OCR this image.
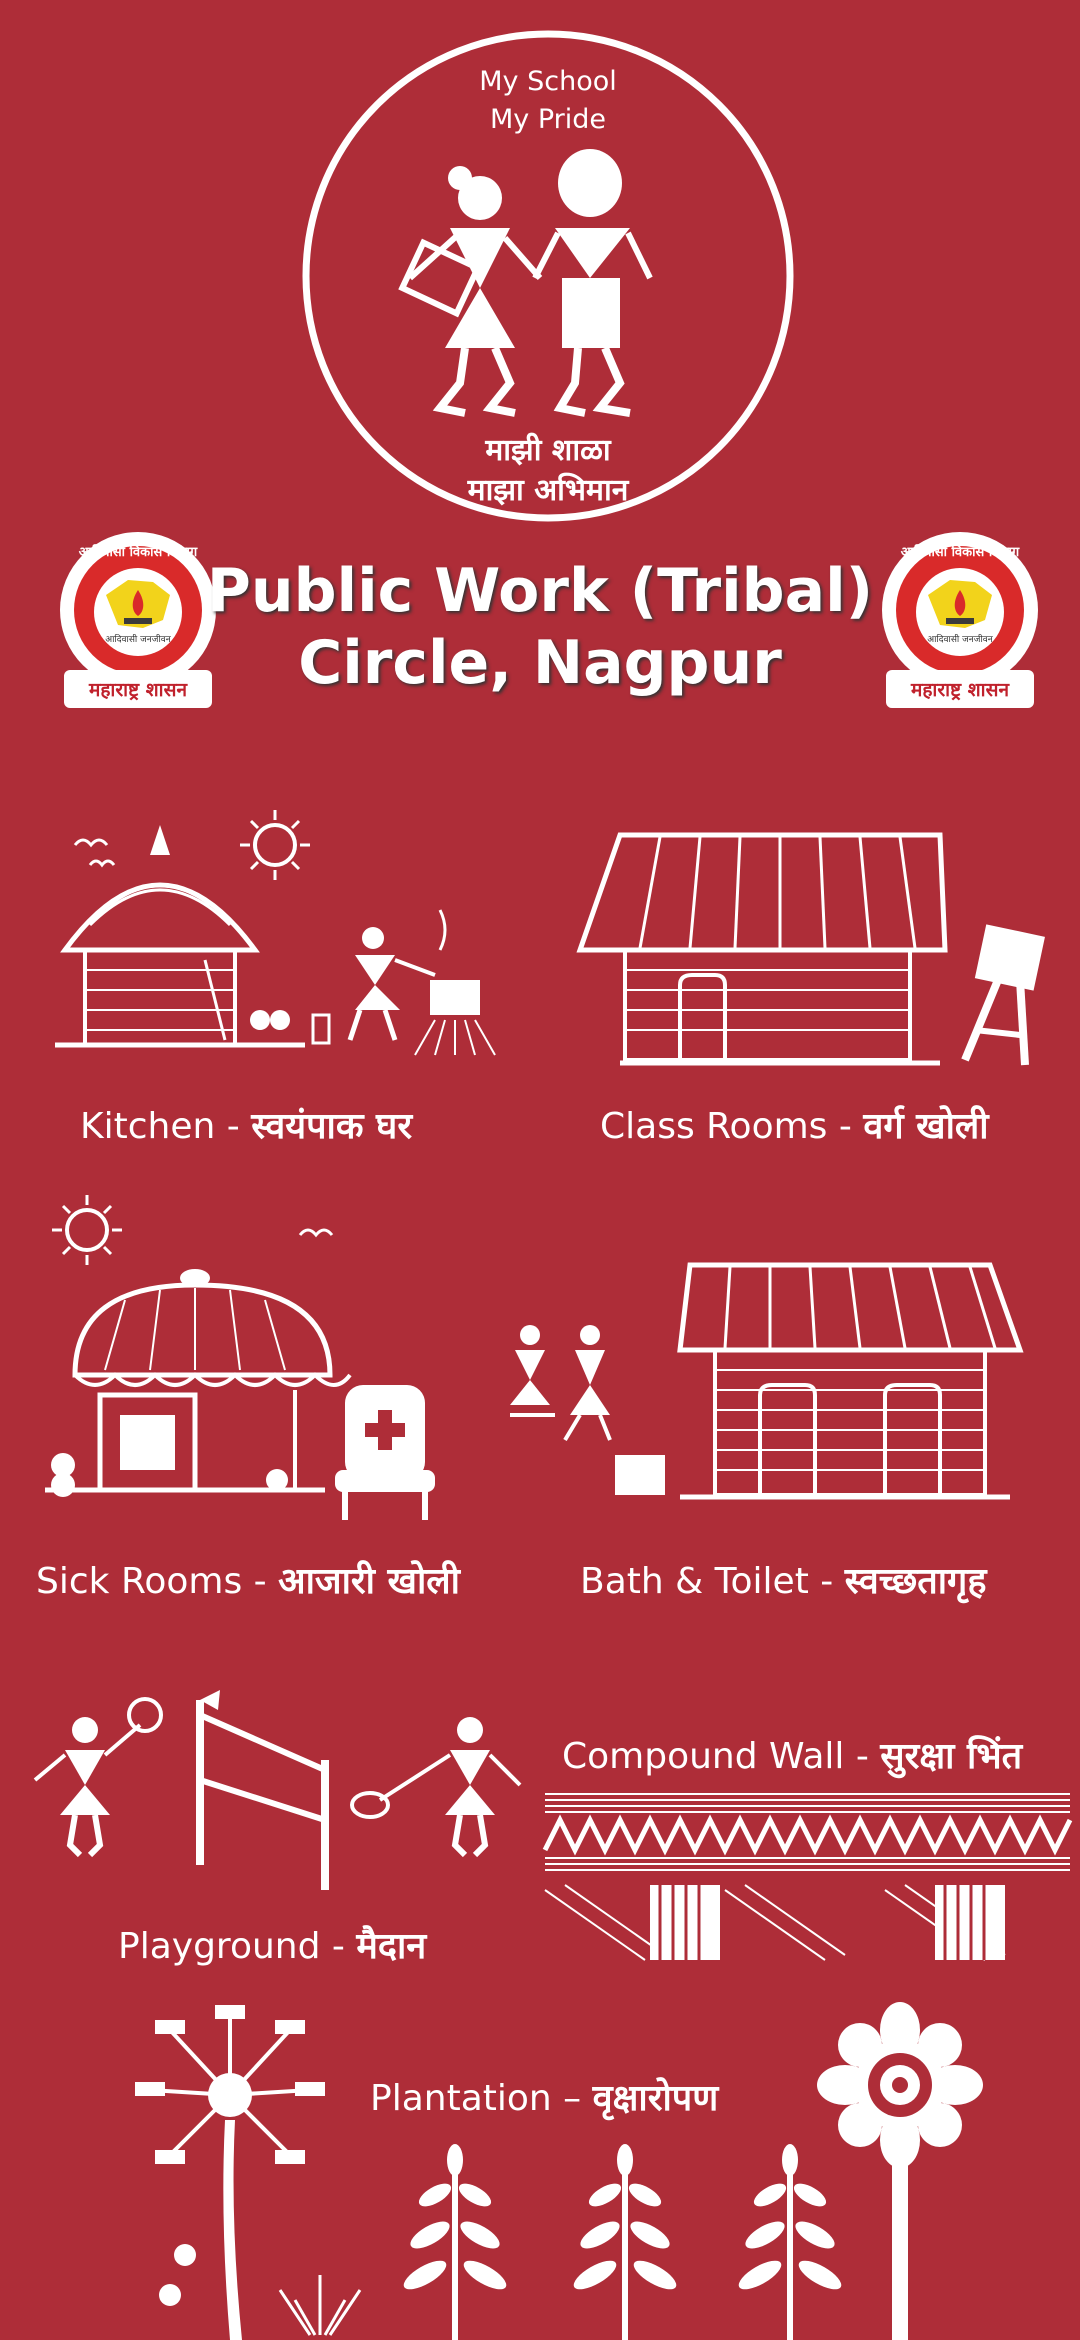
My School
My Pride
माझी शाळा
माझा अभिमान
आदिवासी विकास विभाग
आदिवासी जनजीवन
महाराष्ट्र शासन
आदिवासी विकास विभाग
आदिवासी जनजीवन
महाराष्ट्र शासन
Public Work (Tribal)
Circle, Nagpur
Kitchen - स्वयंपाक घर	Class Rooms - वर्ग खोली
Sick Rooms - आजारी खोली	Bath & Toilet - स्वच्छतागृह
Playground - मैदान
Compound Wall - सुरक्षा भिंत
Plantation – वृक्षारोपण
